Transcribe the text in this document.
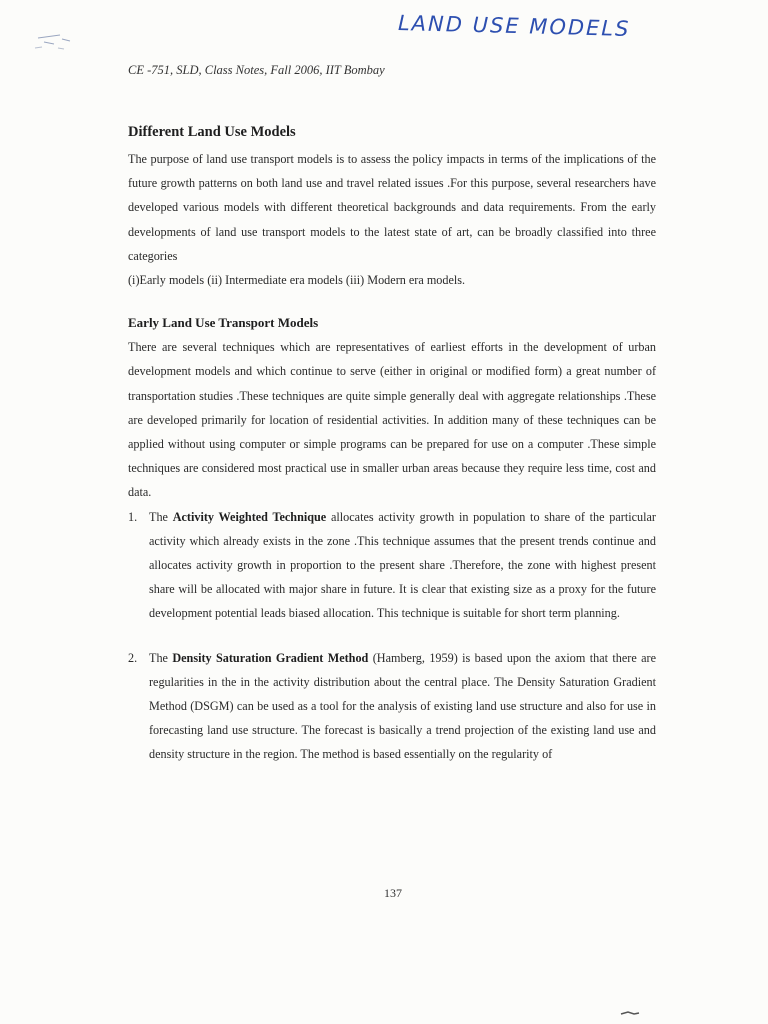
LAND USE MODELS
CE -751, SLD, Class Notes, Fall 2006, IIT Bombay
Different Land Use Models

The purpose of land use transport models is to assess the policy impacts in terms of the implications of the future growth patterns on both land use and travel related issues .For this purpose, several researchers have developed various models with different theoretical backgrounds and data requirements. From the early developments of land use transport models to the latest state of art, can be broadly classified into three categories

(i)Early models (ii) Intermediate era models (iii) Modern era models.

Early Land Use Transport Models

There are several techniques which are representatives of earliest efforts in the development of urban development models and which continue to serve (either in original or modified form) a great number of transportation studies .These techniques are quite simple generally deal with aggregate relationships .These are developed primarily for location of residential activities. In addition many of these techniques can be applied without using computer or simple programs can be prepared for use on a computer .These simple techniques are considered most practical use in smaller urban areas because they require less time, cost and data.

1. The Activity Weighted Technique allocates activity growth in population to share of the particular activity which already exists in the zone .This technique assumes that the present trends continue and allocates activity growth in proportion to the present share .Therefore, the zone with highest present share will be allocated with major share in future. It is clear that existing size as a proxy for the future development potential leads biased allocation. This technique is suitable for short term planning.
2. The Density Saturation Gradient Method (Hamberg, 1959) is based upon the axiom that there are regularities in the in the activity distribution about the central place. The Density Saturation Gradient Method (DSGM) can be used as a tool for the analysis of existing land use structure and also for use in forecasting land use structure. The forecast is basically a trend projection of the existing land use and density structure in the region. The method is based essentially on the regularity of
137
